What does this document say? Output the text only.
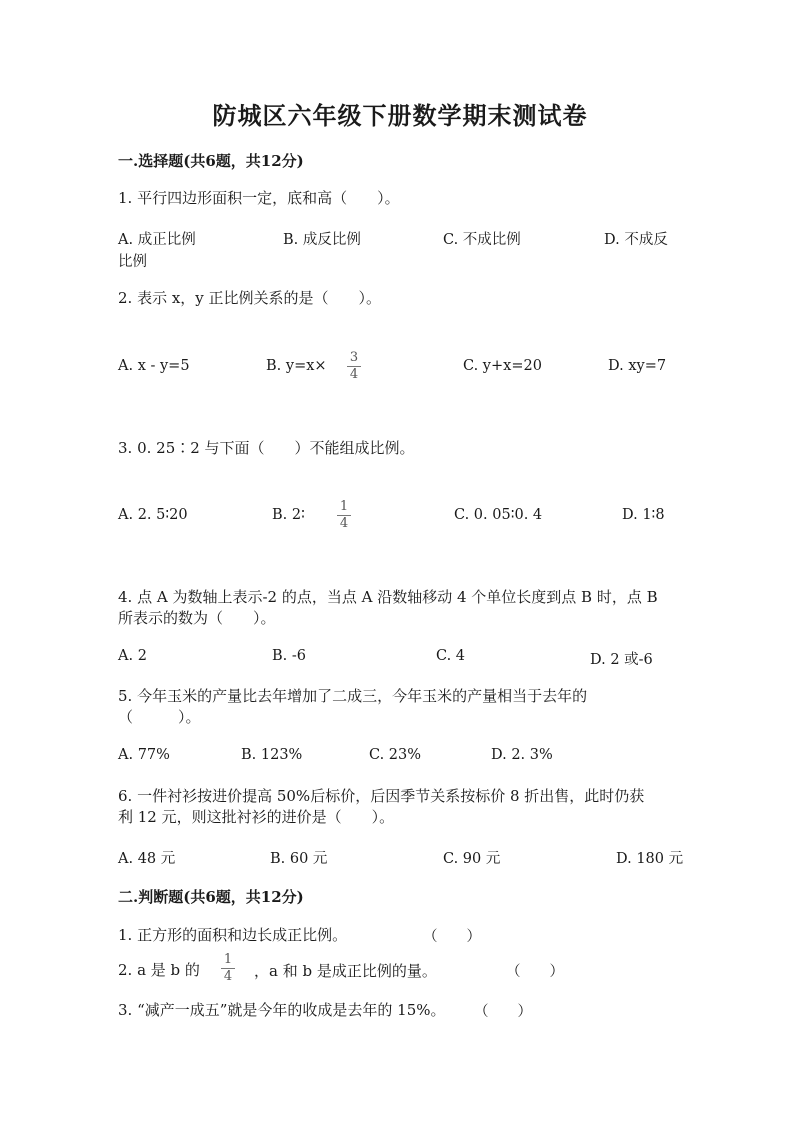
防城区六年级下册数学期末测试卷
一.选择题(共6题，共12分)
1. 平行四边形面积一定，底和高（　　）。
A. 成正比例	B. 成反比例	C. 不成比例	D. 不成反
比例
2. 表示 x，y 正比例关系的是（　　）。
A. x - y=5	B. y=x×
3
4
C. y+x=20	D. xy=7
3. 0. 25∶2 与下面（　　）不能组成比例。
A. 2. 5∶20	B. 2∶
1
4
C. 0. 05∶0. 4	D. 1∶8
4. 点 A 为数轴上表示-2 的点，当点 A 沿数轴移动 4 个单位长度到点 B 时，点 B
所表示的数为（　　）。
A. 2	B. -6	C. 4	D. 2 或-6
5. 今年玉米的产量比去年增加了二成三，今年玉米的产量相当于去年的
（　　　）。
A. 77%	B. 123%	C. 23%	D. 2. 3%
6. 一件衬衫按进价提高 50%后标价，后因季节关系按标价 8 折出售，此时仍获
利 12 元，则这批衬衫的进价是（　　）。
A. 48 元	B. 60 元	C. 90 元	D. 180 元
二.判断题(共6题，共12分)
1. 正方形的面积和边长成正比例。	（　　）
2. a 是 b 的
1
4 ，a 和 b 是成正比例的量。	（　　）
3. “减产一成五”就是今年的收成是去年的 15%。 （　　）
